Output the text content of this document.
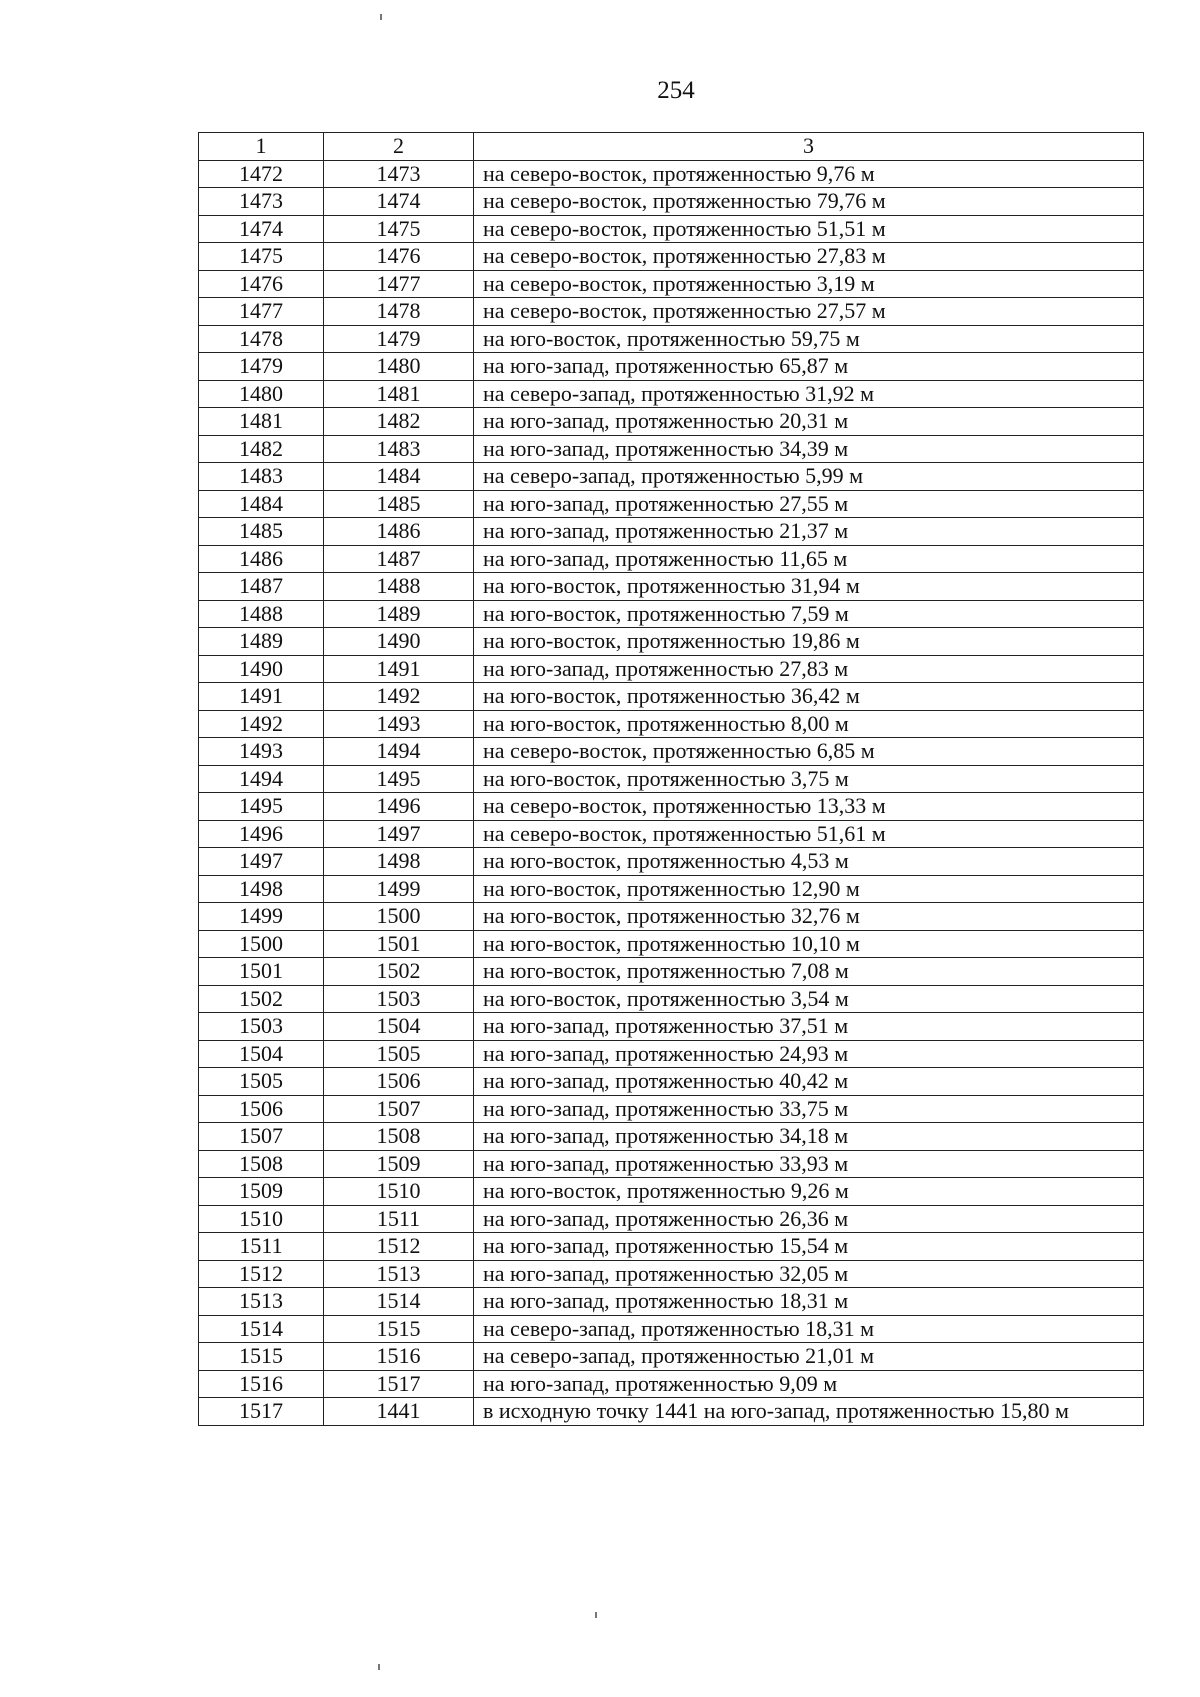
254
1	2	3
1472	1473	на северо-восток, протяженностью 9,76 м
1473	1474	на северо-восток, протяженностью 79,76 м
1474	1475	на северо-восток, протяженностью 51,51 м
1475	1476	на северо-восток, протяженностью 27,83 м
1476	1477	на северо-восток, протяженностью 3,19 м
1477	1478	на северо-восток, протяженностью 27,57 м
1478	1479	на юго-восток, протяженностью 59,75 м
1479	1480	на юго-запад, протяженностью 65,87 м
1480	1481	на северо-запад, протяженностью 31,92 м
1481	1482	на юго-запад, протяженностью 20,31 м
1482	1483	на юго-запад, протяженностью 34,39 м
1483	1484	на северо-запад, протяженностью 5,99 м
1484	1485	на юго-запад, протяженностью 27,55 м
1485	1486	на юго-запад, протяженностью 21,37 м
1486	1487	на юго-запад, протяженностью 11,65 м
1487	1488	на юго-восток, протяженностью 31,94 м
1488	1489	на юго-восток, протяженностью 7,59 м
1489	1490	на юго-восток, протяженностью 19,86 м
1490	1491	на юго-запад, протяженностью 27,83 м
1491	1492	на юго-восток, протяженностью 36,42 м
1492	1493	на юго-восток, протяженностью 8,00 м
1493	1494	на северо-восток, протяженностью 6,85 м
1494	1495	на юго-восток, протяженностью 3,75 м
1495	1496	на северо-восток, протяженностью 13,33 м
1496	1497	на северо-восток, протяженностью 51,61 м
1497	1498	на юго-восток, протяженностью 4,53 м
1498	1499	на юго-восток, протяженностью 12,90 м
1499	1500	на юго-восток, протяженностью 32,76 м
1500	1501	на юго-восток, протяженностью 10,10 м
1501	1502	на юго-восток, протяженностью 7,08 м
1502	1503	на юго-восток, протяженностью 3,54 м
1503	1504	на юго-запад, протяженностью 37,51 м
1504	1505	на юго-запад, протяженностью 24,93 м
1505	1506	на юго-запад, протяженностью 40,42 м
1506	1507	на юго-запад, протяженностью 33,75 м
1507	1508	на юго-запад, протяженностью 34,18 м
1508	1509	на юго-запад, протяженностью 33,93 м
1509	1510	на юго-восток, протяженностью 9,26 м
1510	1511	на юго-запад, протяженностью 26,36 м
1511	1512	на юго-запад, протяженностью 15,54 м
1512	1513	на юго-запад, протяженностью 32,05 м
1513	1514	на юго-запад, протяженностью 18,31 м
1514	1515	на северо-запад, протяженностью 18,31 м
1515	1516	на северо-запад, протяженностью 21,01 м
1516	1517	на юго-запад, протяженностью 9,09 м
1517	1441	в исходную точку 1441 на юго-запад, протяженностью 15,80 м
